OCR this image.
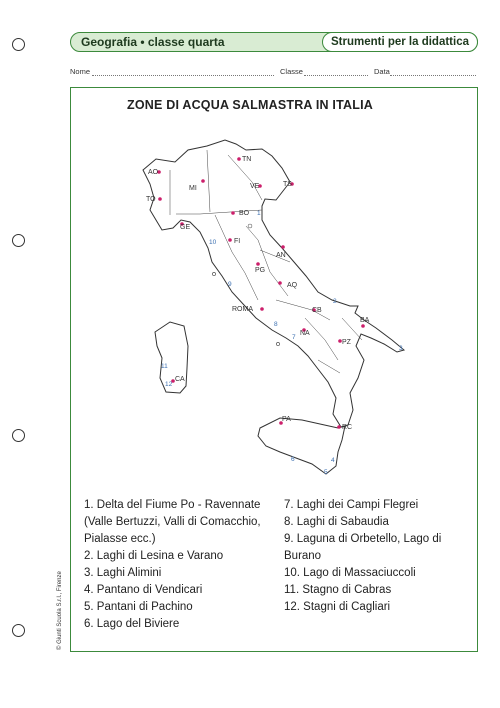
Geografia • classe quarta	Strumenti per la didattica
Nome	Classe	Data
ZONE DI ACQUA SALMASTRA IN ITALIA
AO
TO
MI
TN
VE	TS
GE
BO
FI
PG
AN
AQ
ROMA	CB
NA
BA
PZ
RC
PA
CA
1
2
3
4
5
6
7
8
9
10
11
12
1. Delta del Fiume Po - Ravennate
(Valle Bertuzzi, Valli di Comacchio,
Pialasse ecc.)
2. Laghi di Lesina e Varano
3. Laghi Alimini
4. Pantano di Vendicari
5. Pantani di Pachino
6. Lago del Biviere
7. Laghi dei Campi Flegrei
8. Laghi di Sabaudia
9. Laguna di Orbetello, Lago di
Burano
10. Lago di Massaciuccoli
11. Stagno di Cabras
12. Stagni di Cagliari
© Giunti Scuola S.r.l., Firenze
